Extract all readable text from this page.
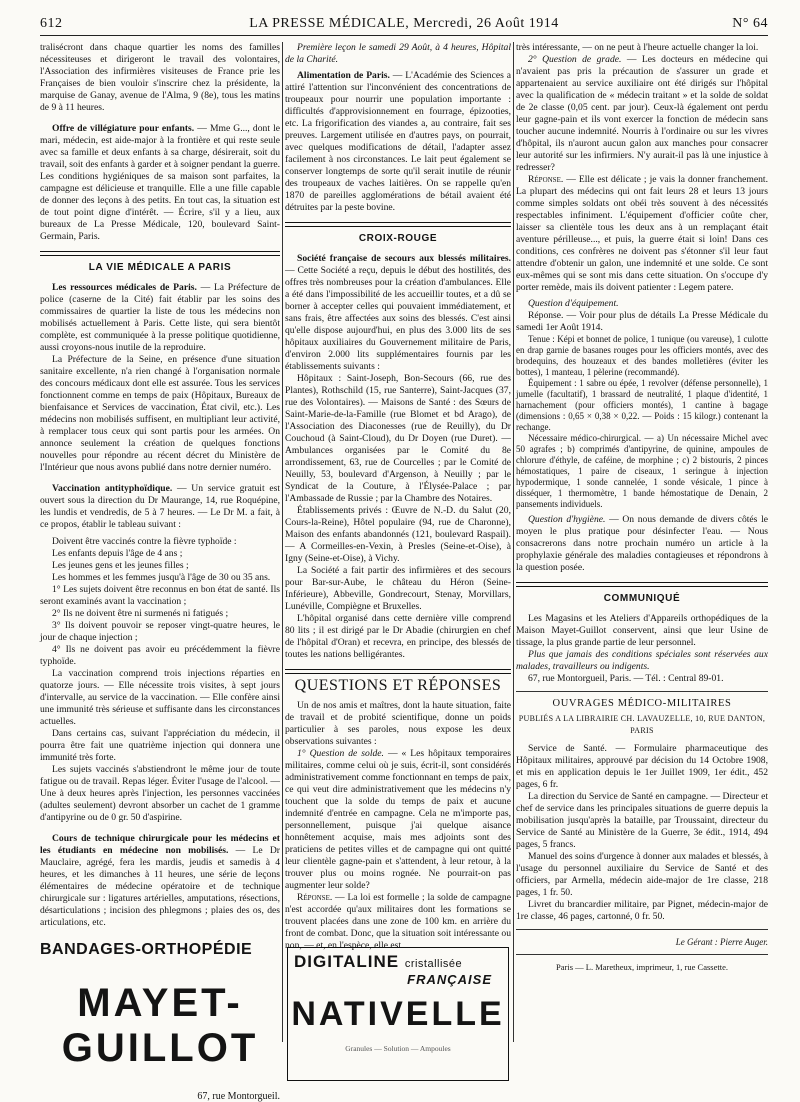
612	LA PRESSE MÉDICALE, Mercredi, 26 Août 1914	N° 64

tralisécront dans chaque quartier les noms des familles nécessiteuses et dirigeront le travail des volontaires, l'Association des infirmières visiteuses de France prie les Françaises de bien vouloir s'inscrire chez la présidente, la marquise de Ganay, avenue de l'Alma, 9 (8e), tous les matins de 9 à 11 heures.

Offre de villégiature pour enfants. — Mme G..., dont le mari, médecin, est aide-major à la frontière et qui reste seule avec sa famille et deux enfants à sa charge, désirerait, soit du travail, soit des enfants à garder et à soigner pendant la guerre. Les conditions hygiéniques de sa maison sont parfaites, la campagne est délicieuse et tranquille. Elle a une fille capable de donner des leçons à des petits. En tout cas, la situation est de tout point digne d'intérêt. — Écrire, s'il y a lieu, aux bureaux de La Presse Médicale, 120, boulevard Saint-Germain, Paris.

LA VIE MÉDICALE A PARIS

Les ressources médicales de Paris. — La Préfecture de police (caserne de la Cité) fait établir par les soins des commissaires de quartier la liste de tous les médecins non mobilisés actuellement à Paris. Cette liste, qui sera bientôt complète, est communiquée à la presse politique quotidienne, aussi croyons-nous inutile de la reproduire.

La Préfecture de la Seine, en présence d'une situation sanitaire excellente, n'a rien changé à l'organisation normale des concours médicaux dont elle est assurée. Tous les services fonctionnent comme en temps de paix (Hôpitaux, Bureaux de bienfaisance et Services de vaccination, État civil, etc.). Les médecins non mobilisés suffisent, en multipliant leur activité, à remplacer tous ceux qui sont partis pour les armées. On annonce seulement la création de quelques fonctions nouvelles pour répondre au récent décret du Ministère de l'Intérieur que nous avons publié dans notre dernier numéro.

Vaccination antityphoïdique. — Un service gratuit est ouvert sous la direction du Dr Maurange, 14, rue Roquépine, les lundis et vendredis, de 5 à 7 heures. — Le Dr M. a fait, à ce propos, établir le tableau suivant :

Doivent être vaccinés contre la fièvre typhoïde :

Les enfants depuis l'âge de 4 ans ;

Les jeunes gens et les jeunes filles ;

Les hommes et les femmes jusqu'à l'âge de 30 ou 35 ans.

1° Les sujets doivent être reconnus en bon état de santé. Ils seront examinés avant la vaccination ;

2° Ils ne doivent être ni surmenés ni fatigués ;

3° Ils doivent pouvoir se reposer vingt-quatre heures, le jour de chaque injection ;

4° Ils ne doivent pas avoir eu précédemment la fièvre typhoïde.

La vaccination comprend trois injections réparties en quatorze jours. — Elle nécessite trois visites, à sept jours d'intervalle, au service de la vaccination. — Elle confère ainsi une immunité très sérieuse et suffisante dans les circonstances actuelles.

Dans certains cas, suivant l'appréciation du médecin, il pourra être fait une quatrième injection qui donnera une immunité très forte.

Les sujets vaccinés s'abstiendront le même jour de toute fatigue ou de travail. Repas léger. Éviter l'usage de l'alcool. — Une à deux heures après l'injection, les personnes vaccinées (adultes seulement) devront absorber un cachet de 1 gramme d'antipyrine ou de 0 gr. 50 d'aspirine.

Cours de technique chirurgicale pour les médecins et les étudiants en médecine non mobilisés. — Le Dr Mauclaire, agrégé, fera les mardis, jeudis et samedis à 4 heures, et les dimanches à 11 heures, une série de leçons élémentaires de médecine opératoire et de technique chirurgicale sur : ligatures artérielles, amputations, résections, désarticulations ; incision des phlegmons ; plaies des os, des articulations, etc.

Première leçon le samedi 29 Août, à 4 heures, Hôpital de la Charité.

Alimentation de Paris. — L'Académie des Sciences a attiré l'attention sur l'inconvénient des concentrations de troupeaux pour nourrir une population importante : difficultés d'approvisionnement en fourrage, épizooties, etc. La frigorification des viandes a, au contraire, fait ses preuves. Largement utilisée en d'autres pays, on pourrait, avec quelques modifications de détail, l'adapter assez facilement à nos circonstances. Le lait peut également se conserver longtemps de sorte qu'il serait inutile de réunir des troupeaux de vaches laitières. On se rappelle qu'en 1870 de pareilles agglomérations de bétail avaient été détruites par la peste bovine.

CROIX-ROUGE

Société française de secours aux blessés militaires. — Cette Société a reçu, depuis le début des hostilités, des offres très nombreuses pour la création d'ambulances. Elle a été dans l'impossibilité de les accueillir toutes, et a dû se borner à accepter celles qui pouvaient immédiatement, et sans frais, être affectées aux soins des blessés. C'est ainsi qu'elle dispose aujourd'hui, en plus des 3.000 lits de ses hôpitaux auxiliaires du Gouvernement militaire de Paris, d'environ 2.000 lits supplémentaires fournis par les établissements suivants :

Hôpitaux : Saint-Joseph, Bon-Secours (66, rue des Plantes), Rothschild (15, rue Santerre), Saint-Jacques (37, rue des Volontaires). — Maisons de Santé : des Sœurs de Saint-Marie-de-la-Famille (rue Blomet et bd Arago), de l'Association des Diaconesses (rue de Reuilly), du Dr Couchoud (à Saint-Cloud), du Dr Doyen (rue Duret). — Ambulances organisées par le Comité du 8e arrondissement, 63, rue de Courcelles ; par le Comité de Neuilly, 53, boulevard d'Argenson, à Neuilly ; par le Syndicat de la Couture, à l'Élysée-Palace ; par l'Ambassade de Russie ; par la Chambre des Notaires.

Établissements privés : Œuvre de N.-D. du Salut (20, Cours-la-Reine), Hôtel populaire (94, rue de Charonne), Maison des enfants abandonnés (121, boulevard Raspail). — A Cormeilles-en-Vexin, à Presles (Seine-et-Oise), à Igny (Seine-et-Oise), à Vichy.

La Société a fait partir des infirmières et des secours pour Bar-sur-Aube, le château du Héron (Seine-Inférieure), Abbeville, Gondrecourt, Stenay, Morvillars, Lunéville, Compiègne et Bruxelles.

L'hôpital organisé dans cette dernière ville comprend 80 lits ; il est dirigé par le Dr Abadie (chirurgien en chef de l'hôpital d'Oran) et recevra, en principe, des blessés de toutes les nations belligérantes.

QUESTIONS ET RÉPONSES

Un de nos amis et maîtres, dont la haute situation, faite de travail et de probité scientifique, donne un poids particulier à ses paroles, nous expose les deux observations suivantes :

1° Question de solde. — « Les hôpitaux temporaires militaires, comme celui où je suis, écrit-il, sont considérés administrativement comme fonctionnant en temps de paix, ce qui veut dire administrativement que les médecins n'y touchent que la solde du temps de paix et aucune indemnité d'entrée en campagne. Cela ne m'importe pas, personnellement, puisque j'ai quelque aisance honnêtement acquise, mais mes adjoints sont des praticiens de petites villes et de campagne qui ont quitté leur clientèle gagne-pain et s'attendent, à leur retour, à la trouver plus ou moins rognée. Ne pourrait-on pas augmenter leur solde?

Réponse. — La loi est formelle ; la solde de campagne n'est accordée qu'aux militaires dont les formations se trouvent placées dans une zone de 100 km. en arrière du front de combat. Donc, que la situation soit intéressante ou non, — et, en l'espèce, elle est

très intéressante, — on ne peut à l'heure actuelle changer la loi.

2° Question de grade. — Les docteurs en médecine qui n'avaient pas pris la précaution de s'assurer un grade et appartenaient au service auxiliaire ont été dirigés sur l'hôpital avec la qualification de « médecin traitant » et la solde de soldat de 2e classe (0,05 cent. par jour). Ceux-là également ont perdu leur gagne-pain et ils vont exercer la fonction de médecin sans toucher aucune indemnité. Nourris à l'ordinaire ou sur les vivres d'hôpital, ils n'auront aucun galon aux manches pour consacrer leur autorité sur les infirmiers. N'y aurait-il pas là une injustice à redresser?

Réponse. — Elle est délicate ; je vais la donner franchement. La plupart des médecins qui ont fait leurs 28 et leurs 13 jours comme simples soldats ont obéi très souvent à des nécessités respectables infiniment. L'équipement d'officier coûte cher, laisser sa clientèle tous les deux ans à un remplaçant était aventure périlleuse..., et puis, la guerre était si loin! Dans ces conditions, ces confrères ne doivent pas s'étonner s'il leur faut attendre d'obtenir un galon, une indemnité et une solde. Ce sont eux-mêmes qui se sont mis dans cette situation. On s'occupe d'y porter remède, mais ils doivent patienter : Legem patere.

Question d'équipement.

Réponse. — Voir pour plus de détails La Presse Médicale du samedi 1er Août 1914.

Tenue : Képi et bonnet de police, 1 tunique (ou vareuse), 1 culotte en drap garnie de basanes rouges pour les officiers montés, avec des brodequins, des houzeaux et des bandes molletières (éviter les bottes), 1 manteau, 1 pèlerine (recommandé).

Équipement : 1 sabre ou épée, 1 revolver (défense personnelle), 1 jumelle (facultatif), 1 brassard de neutralité, 1 plaque d'identité, 1 harnachement (pour officiers montés), 1 cantine à bagage (dimensions : 0,65 × 0,38 × 0,22. — Poids : 15 kilogr.) contenant la rechange.

Nécessaire médico-chirurgical. — a) Un nécessaire Michel avec 50 agrafes ; b) comprimés d'antipyrine, de quinine, ampoules de chlorure d'éthyle, de caféine, de morphine ; c) 2 bistouris, 2 pinces hémostatiques, 1 paire de ciseaux, 1 seringue à injection hypodermique, 1 sonde cannelée, 1 sonde vésicale, 1 pince à disséquer, 1 thermomètre, 1 bande hémostatique de Denain, 2 pansements individuels.

Question d'hygiène. — On nous demande de divers côtés le moyen le plus pratique pour désinfecter l'eau. — Nous consacrerons dans notre prochain numéro un article à la prophylaxie générale des maladies contagieuses et répondrons à la question posée.

COMMUNIQUÉ

Les Magasins et les Ateliers d'Appareils orthopédiques de la Maison Mayet-Guillot conservent, ainsi que leur Usine de tissage, la plus grande partie de leur personnel.

Plus que jamais des conditions spéciales sont réservées aux malades, travailleurs ou indigents.

67, rue Montorgueil, Paris. — Tél. : Central 89-01.

OUVRAGES MÉDICO-MILITAIRES
PUBLIÉS A LA LIBRAIRIE CH. LAVAUZELLE, 10, RUE DANTON, PARIS

Service de Santé. — Formulaire pharmaceutique des Hôpitaux militaires, approuvé par décision du 14 Octobre 1908, et mis en application depuis le 1er Juillet 1909, 1er édit., 452 pages, 6 fr.

La direction du Service de Santé en campagne. — Directeur et chef de service dans les principales situations de guerre depuis la mobilisation jusqu'après la bataille, par Troussaint, directeur du Service de Santé au Ministère de la Guerre, 3e édit., 1914, 494 pages, 5 francs.

Manuel des soins d'urgence à donner aux malades et blessés, à l'usage du personnel auxiliaire du Service de Santé et des officiers, par Armella, médecin aide-major de 1re classe, 218 pages, 1 fr. 50.

Livret du brancardier militaire, par Pignet, médecin-major de 1re classe, 46 pages, cartonné, 0 fr. 50.

Le Gérant : Pierre Auger.
Paris — L. Maretheux, imprimeur, 1, rue Cassette.
BANDAGES-ORTHOPÉDIE
MAYET-GUILLOT
67, rue Montorgueil.
DIGITALINE cristallisée
FRANÇAISE
NATIVELLE
Granules — Solution — Ampoules
